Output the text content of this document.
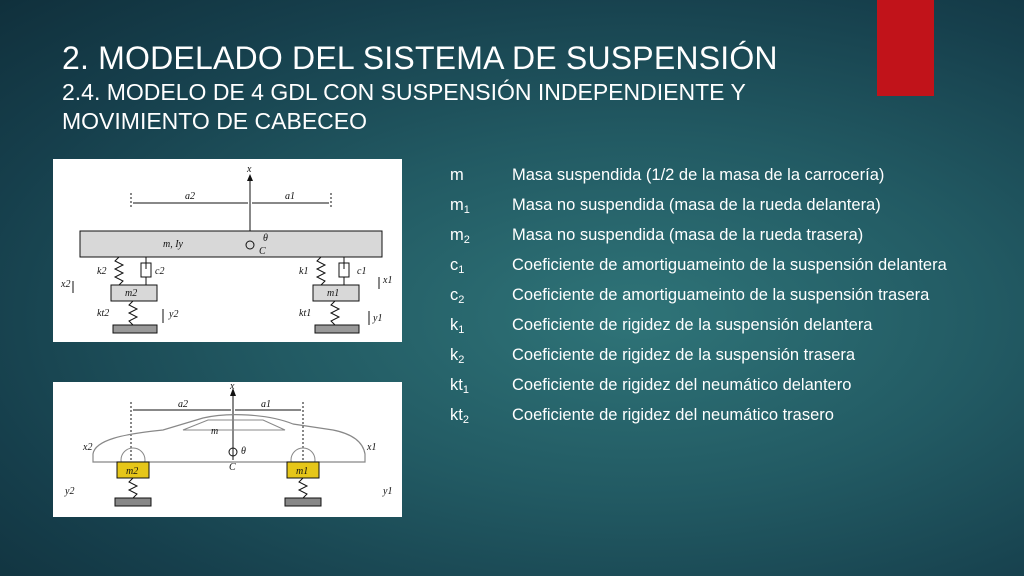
2. MODELADO DEL SISTEMA DE SUSPENSIÓN
2.4. MODELO DE 4 GDL CON SUSPENSIÓN INDEPENDIENTE Y MOVIMIENTO DE CABECEO
x
a2	a1
m, Iy
θ
C
k2	c2
m2
kt2	y2
x2
k1	c1
m1
kt1	y1
x1
x
a2	a1
m
θ
C
m2
x2
y2
m1
x1
y1
m	Masa suspendida (1/2 de la masa de la carrocería)
$m_1$	Masa no suspendida (masa de la rueda delantera)
$m_2$	Masa no suspendida (masa de la rueda trasera)
$c_1$	Coeficiente de amortiguameinto de la suspensión delantera
$c_2$	Coeficiente de amortiguameinto de la suspensión trasera
$k_1$	Coeficiente de rigidez de la suspensión delantera
$k_2$	Coeficiente de rigidez de la suspensión trasera
$kt_1$	Coeficiente de rigidez del neumático delantero
$kt_2$	Coeficiente de rigidez del neumático trasero
